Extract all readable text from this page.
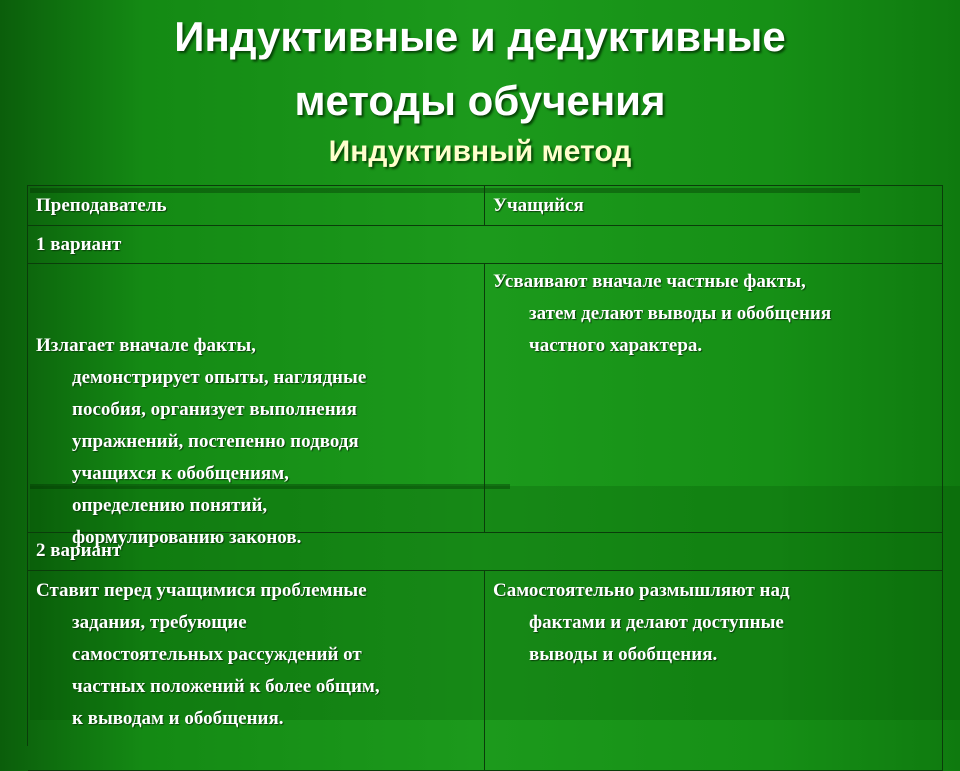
Индуктивные и дедуктивные
методы обучения
Индуктивный метод
Преподаватель	Учащийся
1 вариант

Излагает вначале факты,
демонстрирует опыты, наглядные
пособия, организует выполнения
упражнений, постепенно подводя
учащихся к обобщениям,
определению понятий,
формулированию законов.

Усваивают вначале частные факты,
затем делают выводы и обобщения
частного характера.

2 вариант

Ставит перед учащимися проблемные
задания, требующие
самостоятельных рассуждений от
частных положений к более общим,
к выводам и обобщения.

Самостоятельно размышляют над
фактами и делают доступные
выводы и обобщения.
